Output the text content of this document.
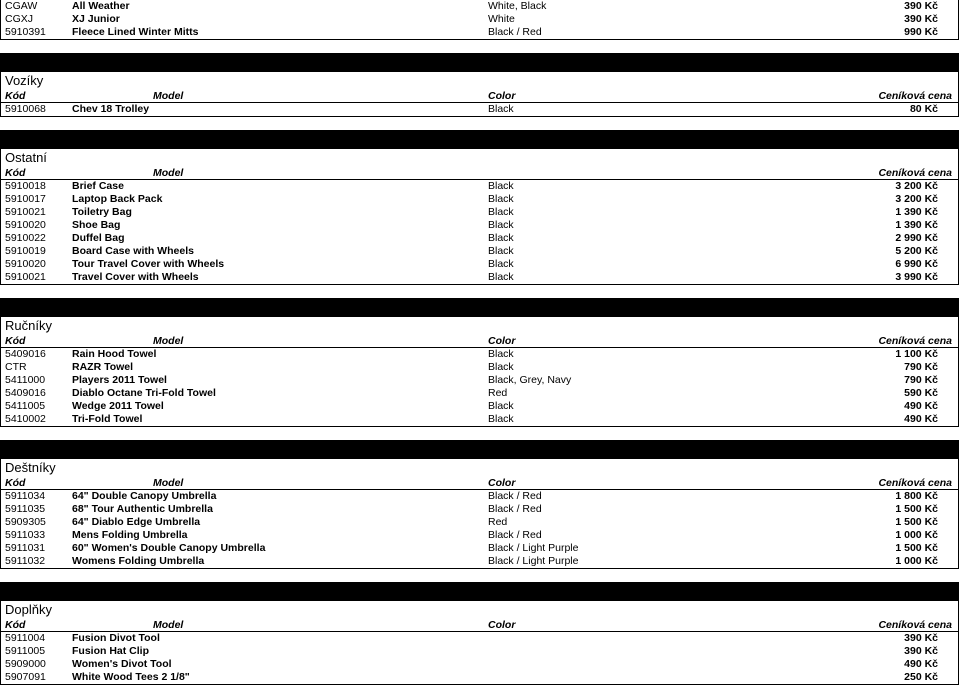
CGAW	All Weather	White, Black	390 Kč
CGXJ	XJ Junior	White	390 Kč
5910391 Fleece Lined Winter Mitts	Black / Red	990 Kč
Vozíky
Kód	Model	Color	Ceníková cena
5910068 Chev 18 Trolley	Black	80 Kč
Ostatní
Kód	Model	Ceníková cena
5910018 Brief Case	Black	3 200 Kč
5910017 Laptop Back Pack	Black	3 200 Kč
5910021 Toiletry Bag	Black	1 390 Kč
5910020 Shoe Bag	Black	1 390 Kč
5910022 Duffel Bag	Black	2 990 Kč
5910019 Board Case with Wheels	Black	5 200 Kč
5910020 Tour Travel Cover with Wheels	Black	6 990 Kč
5910021 Travel Cover with Wheels	Black	3 990 Kč
Ručníky
Kód	Model	Color	Ceníková cena
5409016 Rain Hood Towel	Black	1 100 Kč
CTR	RAZR Towel	Black	790 Kč
5411000	Players 2011 Towel	Black, Grey, Navy	790 Kč
5409016 Diablo Octane Tri-Fold Towel	Red	590 Kč
5411005	Wedge 2011 Towel	Black	490 Kč
5410002 Tri-Fold Towel	Black	490 Kč
Deštníky
Kód	Model	Color	Ceníková cena
5911034	64" Double Canopy Umbrella	Black / Red	1 800 Kč
5911035	68" Tour Authentic Umbrella	Black / Red	1 500 Kč
5909305 64" Diablo Edge Umbrella	Red	1 500 Kč
5911033	Mens Folding Umbrella	Black / Red	1 000 Kč
5911031	60" Women's Double Canopy Umbrella	Black / Light Purple	1 500 Kč
5911032	Womens Folding Umbrella	Black / Light Purple	1 000 Kč
Doplňky
Kód	Model	Color	Ceníková cena
5911004	Fusion Divot Tool	390 Kč
5911005	Fusion Hat Clip	390 Kč
5909000 Women's Divot Tool	490 Kč
5907091 White Wood Tees 2 1/8"	250 Kč
